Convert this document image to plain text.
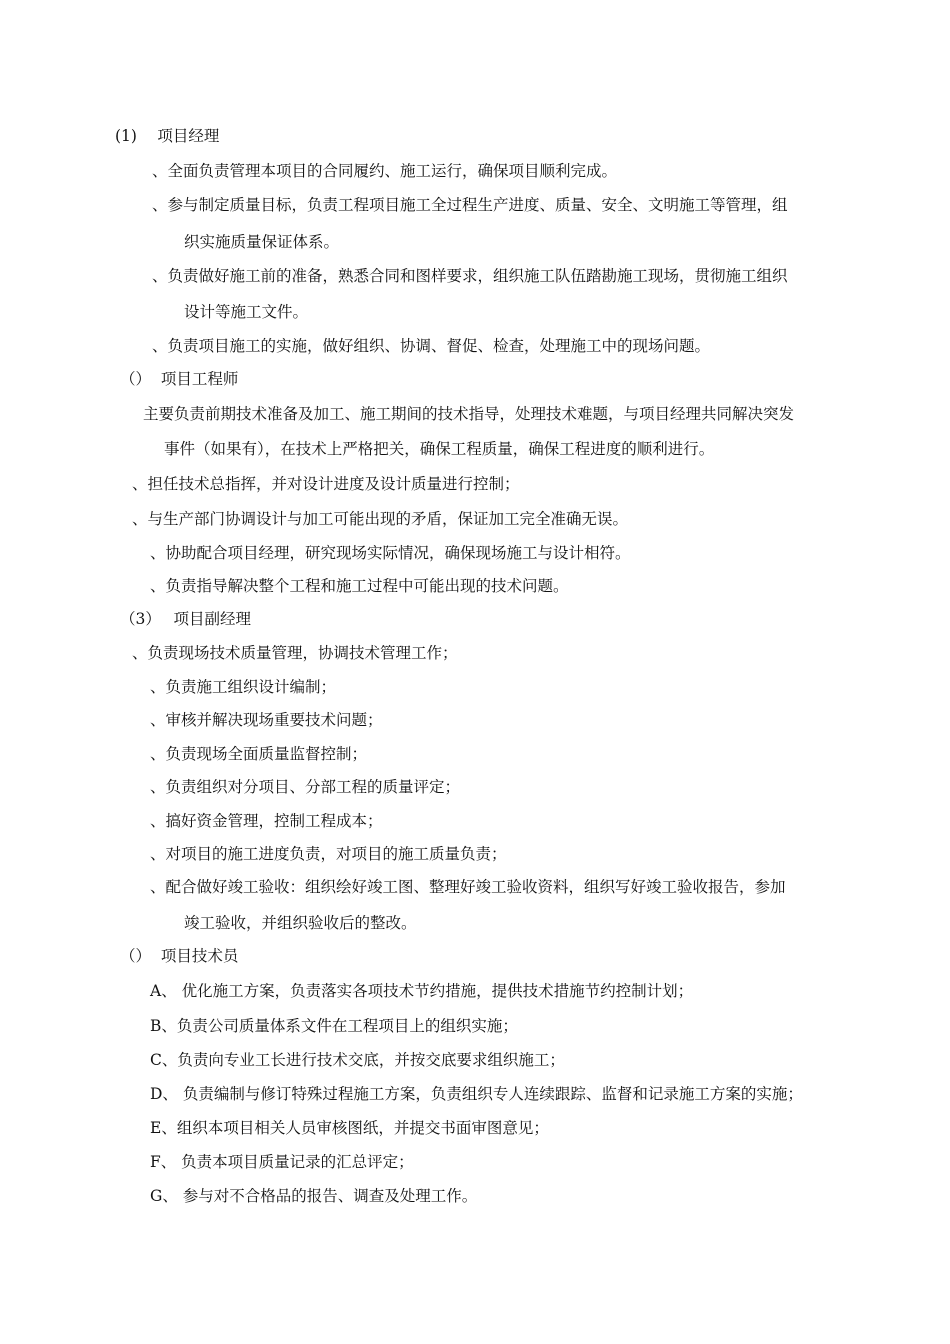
(1)　 项目经理
、全面负责管理本项目的合同履约、施工运行，确保项目顺利完成。
、参与制定质量目标，负责工程项目施工全过程生产进度、质量、安全、文明施工等管理，组
织实施质量保证体系。
、负责做好施工前的准备，熟悉合同和图样要求，组织施工队伍踏勘施工现场，贯彻施工组织
设计等施工文件。
、负责项目施工的实施，做好组织、协调、督促、检查，处理施工中的现场问题。
（）  项目工程师
主要负责前期技术准备及加工、施工期间的技术指导，处理技术难题，与项目经理共同解决突发
事件（如果有），在技术上严格把关，确保工程质量，确保工程进度的顺利进行。
、担任技术总指挥，并对设计进度及设计质量进行控制；
、与生产部门协调设计与加工可能出现的矛盾，保证加工完全准确无误。
、协助配合项目经理，研究现场实际情况，确保现场施工与设计相符。
、负责指导解决整个工程和施工过程中可能出现的技术问题。
（3）　 项目副经理
、负责现场技术质量管理，协调技术管理工作；
、负责施工组织设计编制；
、审核并解决现场重要技术问题；
、负责现场全面质量监督控制；
、负责组织对分项目、分部工程的质量评定；
、搞好资金管理，控制工程成本；
、对项目的施工进度负责，对项目的施工质量负责；
、配合做好竣工验收：组织绘好竣工图、整理好竣工验收资料，组织写好竣工验收报告，参加
竣工验收，并组织验收后的整改。
（）  项目技术员
A、 优化施工方案，负责落实各项技术节约措施，提供技术措施节约控制计划；
B、负责公司质量体系文件在工程项目上的组织实施；
C、负责向专业工长进行技术交底，并按交底要求组织施工；
D、 负责编制与修订特殊过程施工方案，负责组织专人连续跟踪、监督和记录施工方案的实施；
E、组织本项目相关人员审核图纸，并提交书面审图意见；
F、 负责本项目质量记录的汇总评定；
G、 参与对不合格品的报告、调查及处理工作。
